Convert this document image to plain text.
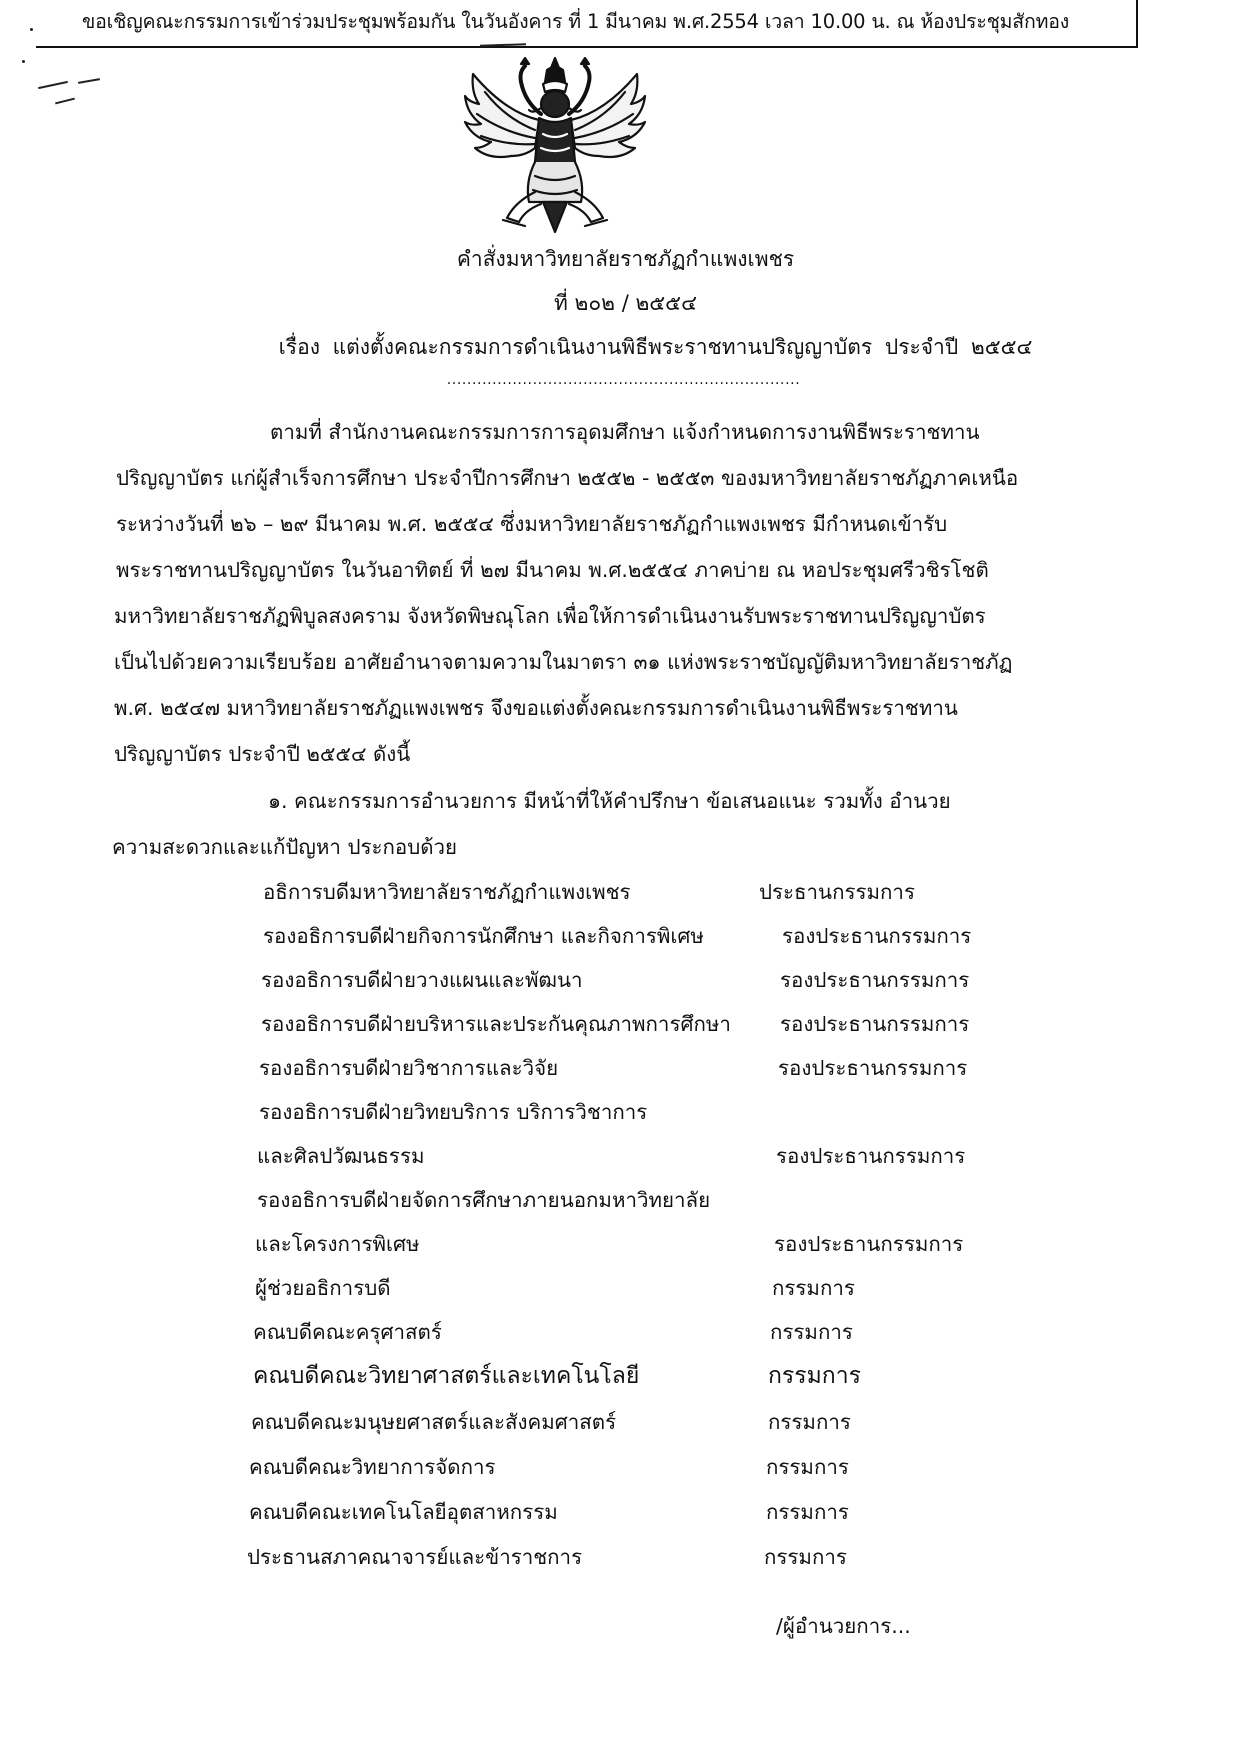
ขอเชิญคณะกรรมการเข้าร่วมประชุมพร้อมกัน ในวันอังคาร ที่ 1 มีนาคม พ.ศ.2554 เวลา 10.00 น. ณ ห้องประชุมสักทอง
คำสั่งมหาวิทยาลัยราชภัฏกำแพงเพชร
ที่ ๒๐๒ / ๒๕๕๔
เรื่อง แต่งตั้งคณะกรรมการดำเนินงานพิธีพระราชทานปริญญาบัตร ประจำปี ๒๕๕๔
......................................................................
ตามที่ สำนักงานคณะกรรมการการอุดมศึกษา แจ้งกำหนดการงานพิธีพระราชทาน
ปริญญาบัตร แก่ผู้สำเร็จการศึกษา ประจำปีการศึกษา ๒๕๕๒ - ๒๕๕๓ ของมหาวิทยาลัยราชภัฏภาคเหนือ
ระหว่างวันที่ ๒๖ – ๒๙ มีนาคม พ.ศ. ๒๕๕๔ ซึ่งมหาวิทยาลัยราชภัฏกำแพงเพชร มีกำหนดเข้ารับ
พระราชทานปริญญาบัตร ในวันอาทิตย์ ที่ ๒๗ มีนาคม พ.ศ.๒๕๕๔ ภาคบ่าย ณ หอประชุมศรีวชิรโชติ
มหาวิทยาลัยราชภัฏพิบูลสงคราม จังหวัดพิษณุโลก เพื่อให้การดำเนินงานรับพระราชทานปริญญาบัตร
เป็นไปด้วยความเรียบร้อย อาศัยอำนาจตามความในมาตรา ๓๑ แห่งพระราชบัญญัติมหาวิทยาลัยราชภัฏ
พ.ศ. ๒๕๔๗ มหาวิทยาลัยราชภัฏแพงเพชร จึงขอแต่งตั้งคณะกรรมการดำเนินงานพิธีพระราชทาน
ปริญญาบัตร ประจำปี ๒๕๕๔ ดังนี้
๑. คณะกรรมการอำนวยการ มีหน้าที่ให้คำปรึกษา ข้อเสนอแนะ รวมทั้ง อำนวย
ความสะดวกและแก้ปัญหา ประกอบด้วย
อธิการบดีมหาวิทยาลัยราชภัฏกำแพงเพชร	ประธานกรรมการ
รองอธิการบดีฝ่ายกิจการนักศึกษา และกิจการพิเศษ	รองประธานกรรมการ
รองอธิการบดีฝ่ายวางแผนและพัฒนา	รองประธานกรรมการ
รองอธิการบดีฝ่ายบริหารและประกันคุณภาพการศึกษา รองประธานกรรมการ
รองอธิการบดีฝ่ายวิชาการและวิจัย	รองประธานกรรมการ
รองอธิการบดีฝ่ายวิทยบริการ บริการวิชาการ
และศิลปวัฒนธรรม	รองประธานกรรมการ
รองอธิการบดีฝ่ายจัดการศึกษาภายนอกมหาวิทยาลัย
และโครงการพิเศษ	รองประธานกรรมการ
ผู้ช่วยอธิการบดี	กรรมการ
คณบดีคณะครุศาสตร์	กรรมการ
คณบดีคณะวิทยาศาสตร์และเทคโนโลยี	กรรมการ
คณบดีคณะมนุษยศาสตร์และสังคมศาสตร์	กรรมการ
คณบดีคณะวิทยาการจัดการ	กรรมการ
คณบดีคณะเทคโนโลยีอุตสาหกรรม	กรรมการ
ประธานสภาคณาจารย์และข้าราชการ	กรรมการ
/ผู้อำนวยการ...
